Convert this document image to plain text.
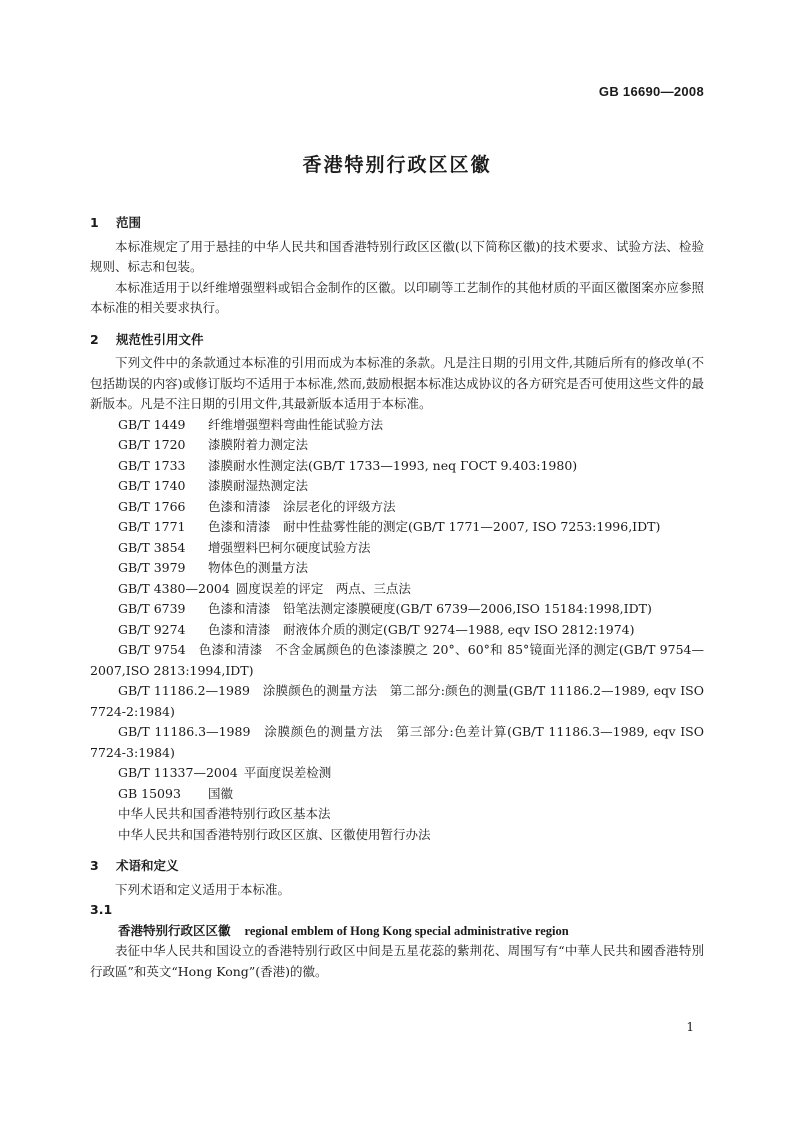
GB 16690—2008
香港特别行政区区徽
1 范围

本标准规定了用于悬挂的中华人民共和国香港特别行政区区徽(以下简称区徽)的技术要求、试验方法、检验规则、标志和包装。

本标准适用于以纤维增强塑料或铝合金制作的区徽。以印刷等工艺制作的其他材质的平面区徽图案亦应参照本标准的相关要求执行。

2 规范性引用文件

下列文件中的条款通过本标准的引用而成为本标准的条款。凡是注日期的引用文件,其随后所有的修改单(不包括勘误的内容)或修订版均不适用于本标准,然而,鼓励根据本标准达成协议的各方研究是否可使用这些文件的最新版本。凡是不注日期的引用文件,其最新版本适用于本标准。

GB/T 1449 纤维增强塑料弯曲性能试验方法
GB/T 1720 漆膜附着力测定法
GB/T 1733 漆膜耐水性测定法(GB/T 1733—1993, neq ГОСТ 9.403:1980)
GB/T 1740 漆膜耐湿热测定法
GB/T 1766 色漆和清漆　涂层老化的评级方法
GB/T 1771 色漆和清漆　耐中性盐雾性能的测定(GB/T 1771—2007, ISO 7253:1996,IDT)
GB/T 3854 增强塑料巴柯尔硬度试验方法
GB/T 3979 物体色的测量方法
GB/T 4380—2004 圆度误差的评定　两点、三点法
GB/T 6739 色漆和清漆　铅笔法测定漆膜硬度(GB/T 6739—2006,ISO 15184:1998,IDT)
GB/T 9274 色漆和清漆　耐液体介质的测定(GB/T 9274—1988, eqv ISO 2812:1974)

GB/T 9754　色漆和清漆　不含金属颜色的色漆漆膜之 20°、60°和 85°镜面光泽的测定(GB/T 9754—2007,ISO 2813:1994,IDT)

GB/T 11186.2—1989　涂膜颜色的测量方法　第二部分:颜色的测量(GB/T 11186.2—1989, eqv ISO 7724-2:1984)

GB/T 11186.3—1989　涂膜颜色的测量方法　第三部分:色差计算(GB/T 11186.3—1989, eqv ISO 7724-3:1984)

GB/T 11337—2004 平面度误差检测
GB 15093 国徽
中华人民共和国香港特别行政区基本法
中华人民共和国香港特别行政区区旗、区徽使用暂行办法
3 术语和定义

下列术语和定义适用于本标准。

3.1
香港特别行政区区徽 regional emblem of Hong Kong special administrative region

表征中华人民共和国设立的香港特别行政区中间是五星花蕊的紫荆花、周围写有“中華人民共和國香港特別行政區”和英文“Hong Kong”(香港)的徽。

1
